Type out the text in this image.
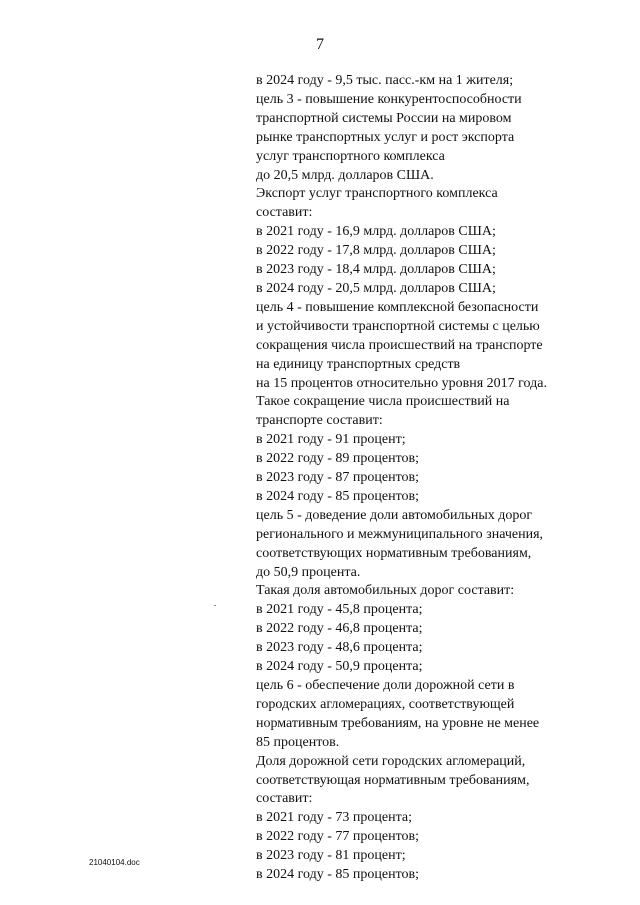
7
в 2024 году - 9,5 тыс. пасс.-км на 1 жителя;
цель 3 - повышение конкурентоспособности
транспортной системы России на мировом
рынке транспортных услуг и рост экспорта
услуг транспортного комплекса
до 20,5 млрд. долларов США.
Экспорт услуг транспортного комплекса
составит:
в 2021 году - 16,9 млрд. долларов США;
в 2022 году - 17,8 млрд. долларов США;
в 2023 году - 18,4 млрд. долларов США;
в 2024 году - 20,5 млрд. долларов США;
цель 4 - повышение комплексной безопасности
и устойчивости транспортной системы с целью
сокращения числа происшествий на транспорте
на единицу транспортных средств
на 15 процентов относительно уровня 2017 года.
Такое сокращение числа происшествий на
транспорте составит:
в 2021 году - 91 процент;
в 2022 году - 89 процентов;
в 2023 году - 87 процентов;
в 2024 году - 85 процентов;
цель 5 - доведение доли автомобильных дорог
регионального и межмуниципального значения,
соответствующих нормативным требованиям,
до 50,9 процента.
Такая доля автомобильных дорог составит:
в 2021 году - 45,8 процента;
в 2022 году - 46,8 процента;
в 2023 году - 48,6 процента;
в 2024 году - 50,9 процента;
цель 6 - обеспечение доли дорожной сети в
городских агломерациях, соответствующей
нормативным требованиям, на уровне не менее
85 процентов.
Доля дорожной сети городских агломераций,
соответствующая нормативным требованиям,
составит:
в 2021 году - 73 процента;
в 2022 году - 77 процентов;
в 2023 году - 81 процент;
в 2024 году - 85 процентов;
21040104.doc
